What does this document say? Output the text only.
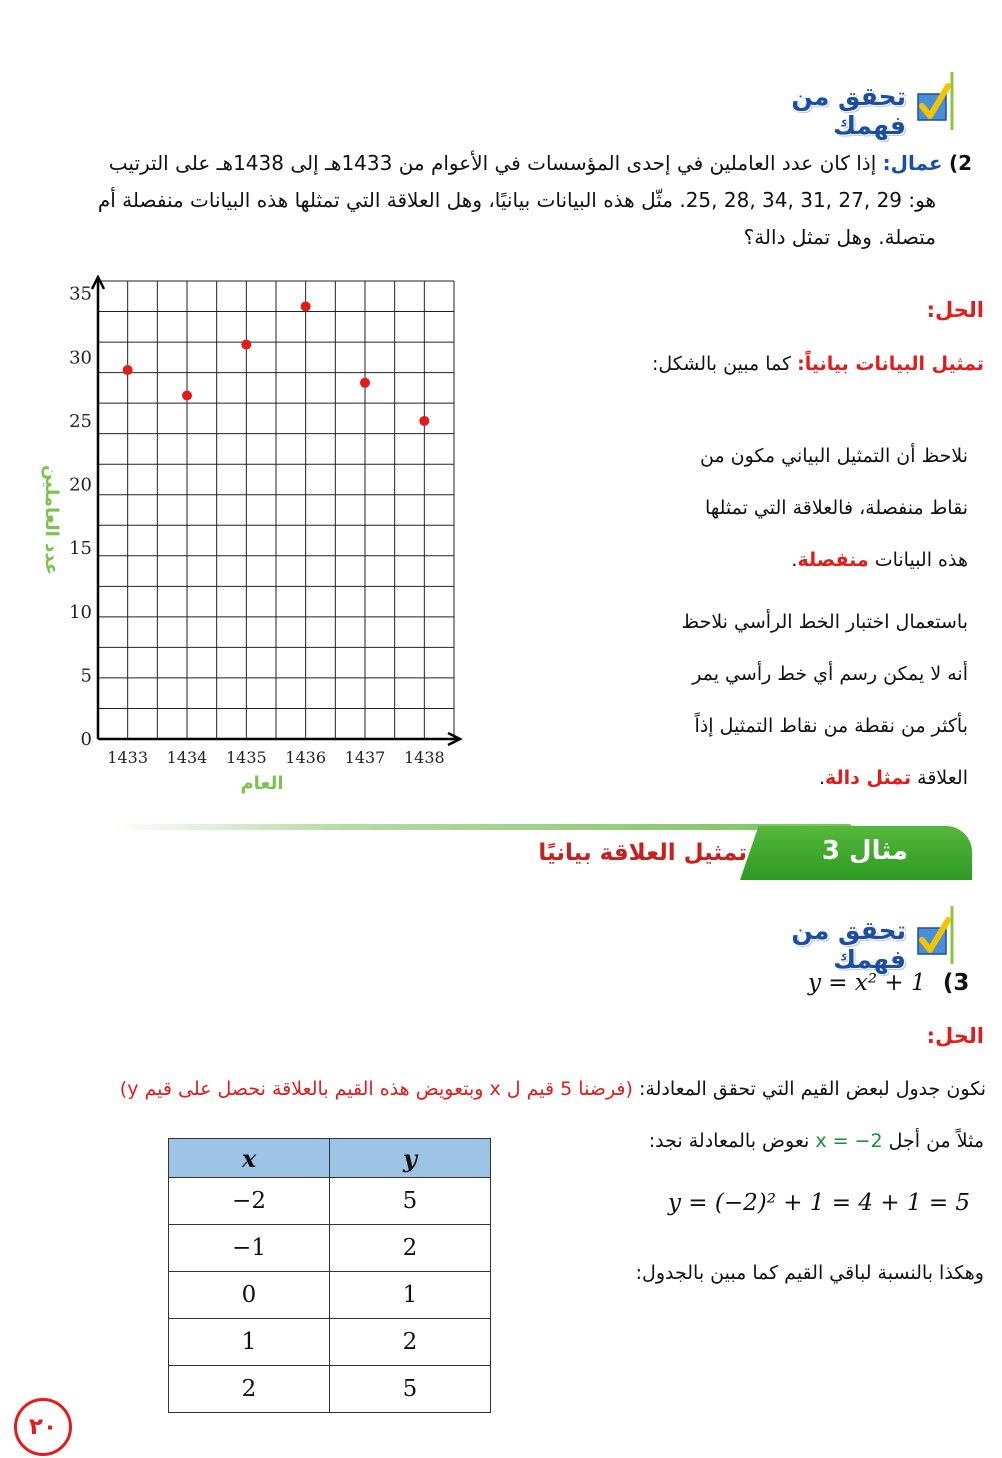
تحقق من فهمك
2) عمال: إذا كان عدد العاملين في إحدى المؤسسات في الأعوام من 1433هـ إلى 1438هـ على الترتيب
هو: 29 ,27 ,31 ,34 ,28 ,25. مثّل هذه البيانات بيانيًا، وهل العلاقة التي تمثلها هذه البيانات منفصلة أم
متصلة. وهل تمثل دالة؟
0
5
10
15
20
25
30
35
1433 1434 1435 1436 1437 1438
العام
عدد العاملين
الحل:
تمثيل البيانات بيانياً: كما مبين بالشكل:
نلاحظ أن التمثيل البياني مكون من
نقاط منفصلة، فالعلاقة التي تمثلها
هذه البيانات منفصلة.
باستعمال اختبار الخط الرأسي نلاحظ
أنه لا يمكن رسم أي خط رأسي يمر
بأكثر من نقطة من نقاط التمثيل إذاً
العلاقة تمثل دالة.
مثال 3
تمثيل العلاقة بيانيًا
تحقق من فهمك
y = x² + 1 (3
الحل:
نكون جدول لبعض القيم التي تحقق المعادلة: (فرضنا 5 قيم ل x وبتعويض هذه القيم بالعلاقة نحصل على قيم y)
مثلاً من أجل x = −2 نعوض بالمعادلة نجد:
y = (−2)² + 1 = 4 + 1 = 5
وهكذا بالنسبة لباقي القيم كما مبين بالجدول:
x	y
−2	5
−1	2
0	1
1	2
2	5
٢٠
